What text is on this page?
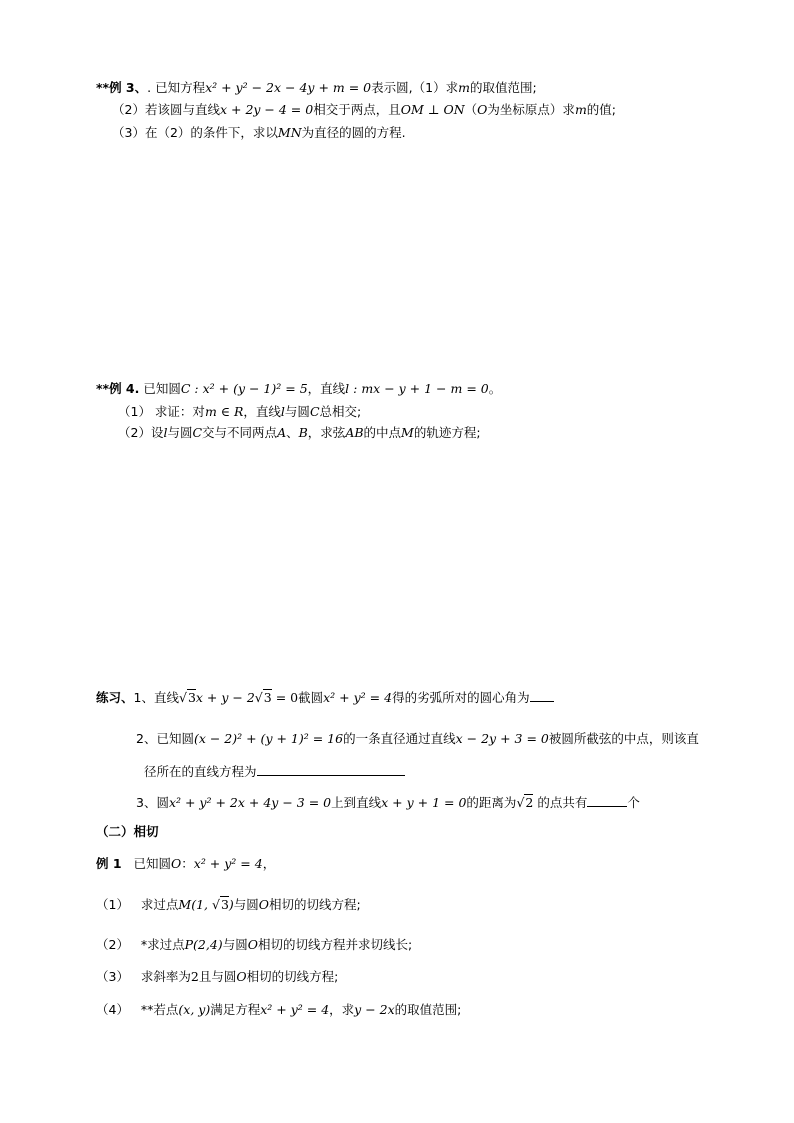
**例 3、. 已知方程x² + y² − 2x − 4y + m = 0表示圆,（1）求m的取值范围;
（2）若该圆与直线x + 2y − 4 = 0相交于两点，且OM ⊥ ON（O为坐标原点）求m的值;
（3）在（2）的条件下，求以MN为直径的圆的方程.
**例 4. 已知圆C : x² + (y − 1)² = 5，直线l : mx − y + 1 − m = 0。
（1） 求证：对m ∈ R，直线l与圆C总相交;
（2）设l与圆C交与不同两点A、B，求弦AB的中点M的轨迹方程;
练习、1、直线√3x + y − 2√3 = 0截圆x² + y² = 4得的劣弧所对的圆心角为
2、已知圆(x − 2)² + (y + 1)² = 16的一条直径通过直线x − 2y + 3 = 0被圆所截弦的中点，则该直
径所在的直线方程为
3、圆x² + y² + 2x + 4y − 3 = 0上到直线x + y + 1 = 0的距离为√2 的点共有	个
（二）相切
例 1 已知圆O：x² + y² = 4，
（1） 求过点M(1, √3)与圆O相切的切线方程;
（2） *求过点P(2,4)与圆O相切的切线方程并求切线长;
（3） 求斜率为2且与圆O相切的切线方程;
（4） **若点(x, y)满足方程x² + y² = 4，求y − 2x的取值范围;
